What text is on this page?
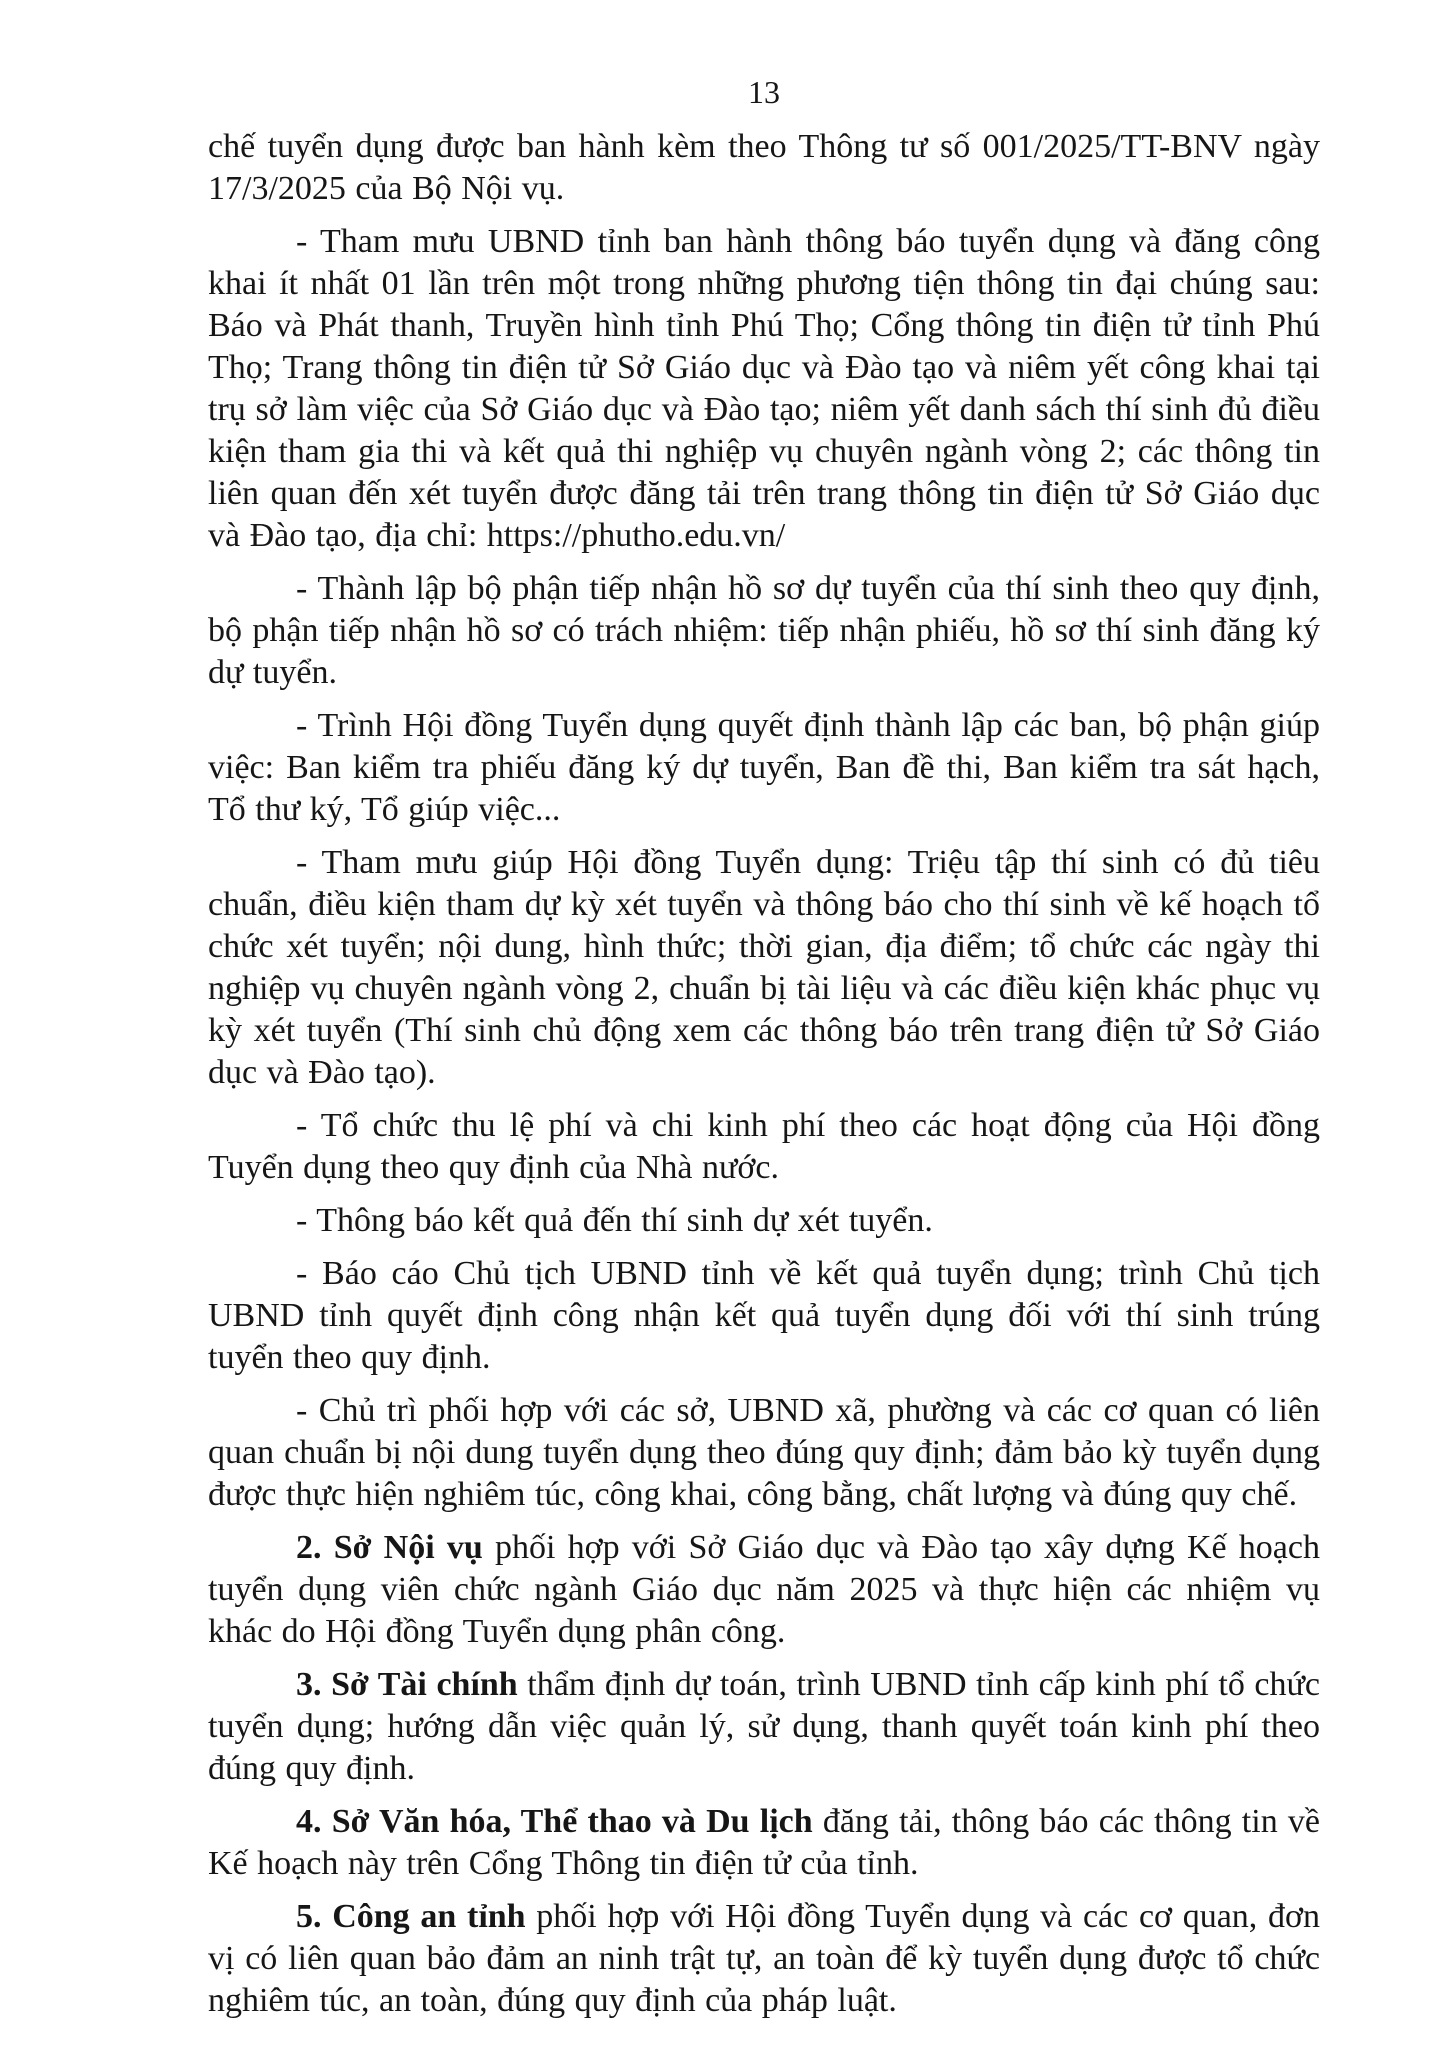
13

chế tuyển dụng được ban hành kèm theo Thông tư số 001/2025/TT-BNV ngày 17/3/2025 của Bộ Nội vụ.

- Tham mưu UBND tỉnh ban hành thông báo tuyển dụng và đăng công khai ít nhất 01 lần trên một trong những phương tiện thông tin đại chúng sau: Báo và Phát thanh, Truyền hình tỉnh Phú Thọ; Cổng thông tin điện tử tỉnh Phú Thọ; Trang thông tin điện tử Sở Giáo dục và Đào tạo và niêm yết công khai tại trụ sở làm việc của Sở Giáo dục và Đào tạo; niêm yết danh sách thí sinh đủ điều kiện tham gia thi và kết quả thi nghiệp vụ chuyên ngành vòng 2; các thông tin liên quan đến xét tuyển được đăng tải trên trang thông tin điện tử Sở Giáo dục và Đào tạo, địa chỉ: https://phutho.edu.vn/

- Thành lập bộ phận tiếp nhận hồ sơ dự tuyển của thí sinh theo quy định, bộ phận tiếp nhận hồ sơ có trách nhiệm: tiếp nhận phiếu, hồ sơ thí sinh đăng ký dự tuyển.

- Trình Hội đồng Tuyển dụng quyết định thành lập các ban, bộ phận giúp việc: Ban kiểm tra phiếu đăng ký dự tuyển, Ban đề thi, Ban kiểm tra sát hạch, Tổ thư ký, Tổ giúp việc...

- Tham mưu giúp Hội đồng Tuyển dụng: Triệu tập thí sinh có đủ tiêu chuẩn, điều kiện tham dự kỳ xét tuyển và thông báo cho thí sinh về kế hoạch tổ chức xét tuyển; nội dung, hình thức; thời gian, địa điểm; tổ chức các ngày thi nghiệp vụ chuyên ngành vòng 2, chuẩn bị tài liệu và các điều kiện khác phục vụ kỳ xét tuyển (Thí sinh chủ động xem các thông báo trên trang điện tử Sở Giáo dục và Đào tạo).

- Tổ chức thu lệ phí và chi kinh phí theo các hoạt động của Hội đồng Tuyển dụng theo quy định của Nhà nước.

- Thông báo kết quả đến thí sinh dự xét tuyển.

- Báo cáo Chủ tịch UBND tỉnh về kết quả tuyển dụng; trình Chủ tịch UBND tỉnh quyết định công nhận kết quả tuyển dụng đối với thí sinh trúng tuyển theo quy định.

- Chủ trì phối hợp với các sở, UBND xã, phường và các cơ quan có liên quan chuẩn bị nội dung tuyển dụng theo đúng quy định; đảm bảo kỳ tuyển dụng được thực hiện nghiêm túc, công khai, công bằng, chất lượng và đúng quy chế.

2. Sở Nội vụ phối hợp với Sở Giáo dục và Đào tạo xây dựng Kế hoạch tuyển dụng viên chức ngành Giáo dục năm 2025 và thực hiện các nhiệm vụ khác do Hội đồng Tuyển dụng phân công.

3. Sở Tài chính thẩm định dự toán, trình UBND tỉnh cấp kinh phí tổ chức tuyển dụng; hướng dẫn việc quản lý, sử dụng, thanh quyết toán kinh phí theo đúng quy định.

4. Sở Văn hóa, Thể thao và Du lịch đăng tải, thông báo các thông tin về Kế hoạch này trên Cổng Thông tin điện tử của tỉnh.

5. Công an tỉnh phối hợp với Hội đồng Tuyển dụng và các cơ quan, đơn vị có liên quan bảo đảm an ninh trật tự, an toàn để kỳ tuyển dụng được tổ chức nghiêm túc, an toàn, đúng quy định của pháp luật.
